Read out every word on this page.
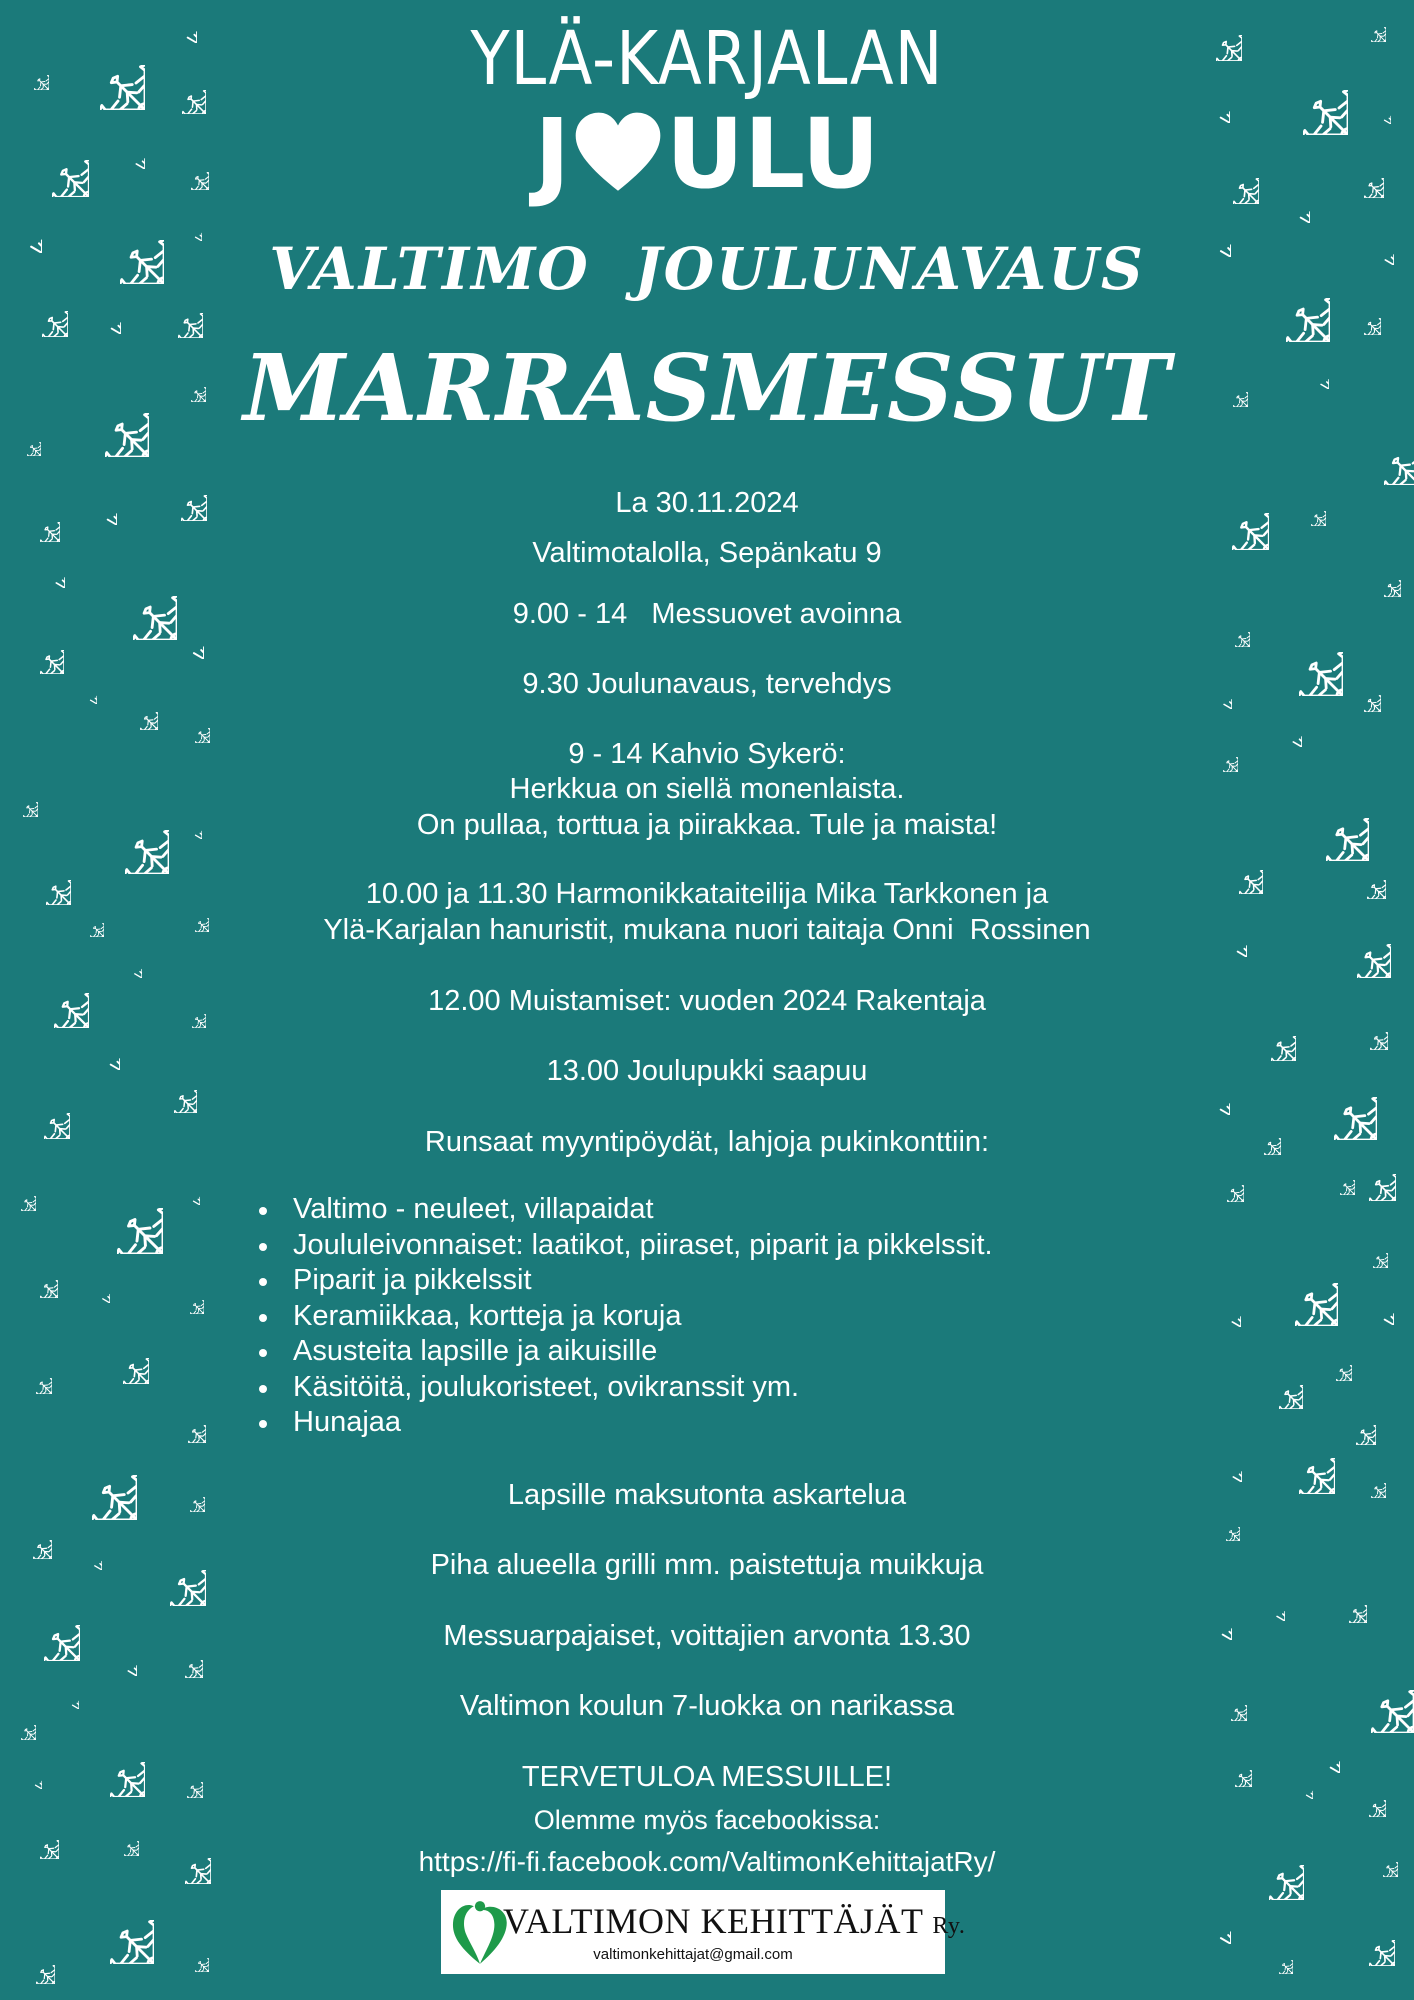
YLÄ-KARJALAN
J ULU
VALTIMO  JOULUNAVAUS
MARRASMESSUT
La 30.11.2024
Valtimotalolla, Sepänkatu 9
9.00 - 14   Messuovet avoinna
9.30 Joulunavaus, tervehdys
9 - 14 Kahvio Sykerö:
Herkkua on siellä monenlaista.
On pullaa, torttua ja piirakkaa. Tule ja maista!
10.00 ja 11.30 Harmonikkataiteilija Mika Tarkkonen ja
Ylä-Karjalan hanuristit, mukana nuori taitaja Onni  Rossinen
12.00 Muistamiset: vuoden 2024 Rakentaja
13.00 Joulupukki saapuu
Runsaat myyntipöydät, lahjoja pukinkonttiin:
Valtimo - neuleet, villapaidat
Joululeivonnaiset: laatikot, piiraset, piparit ja pikkelssit.
Piparit ja pikkelssit
Keramiikkaa, kortteja ja koruja
Asusteita lapsille ja aikuisille
Käsitöitä, joulukoristeet, ovikranssit ym.
Hunajaa
Lapsille maksutonta askartelua
Piha alueella grilli mm. paistettuja muikkuja
Messuarpajaiset, voittajien arvonta 13.30
Valtimon koulun 7-luokka on narikassa
TERVETULOA MESSUILLE!
Olemme myös facebookissa:
https://fi-fi.facebook.com/ValtimonKehittajatRy/
VALTIMON KEHITTÄJÄT Ry.
valtimonkehittajat@gmail.com
